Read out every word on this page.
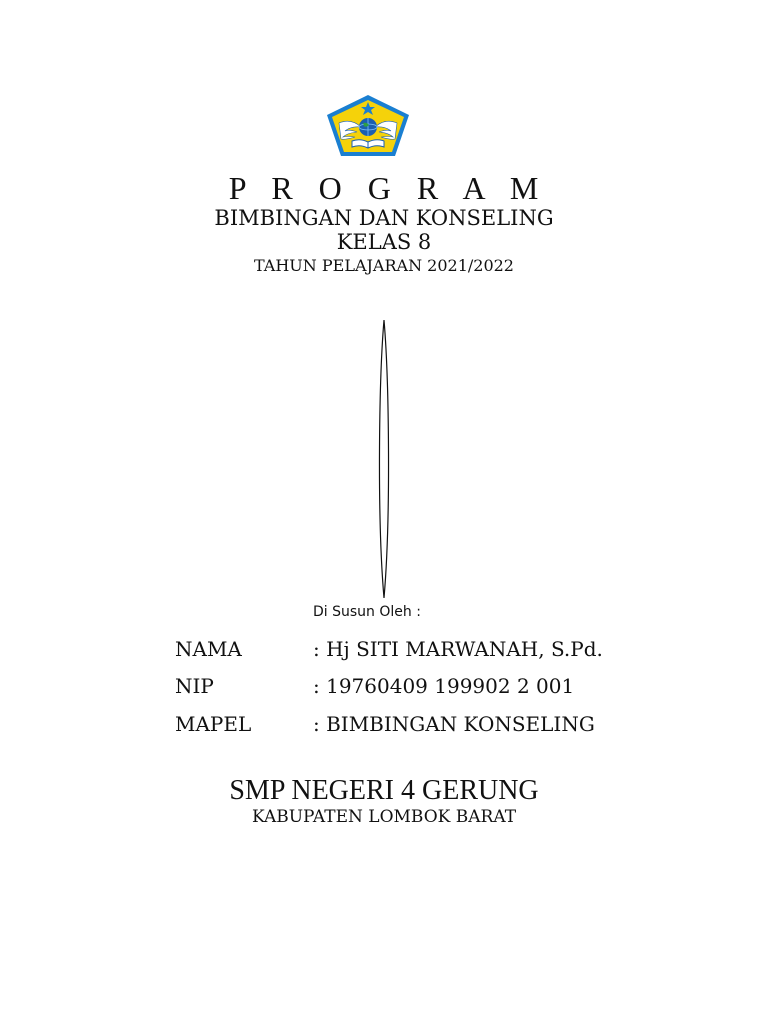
P R O G R A M
BIMBINGAN DAN KONSELING
KELAS 8
TAHUN PELAJARAN 2021/2022
Di Susun Oleh :
NAMA	: Hj SITI MARWANAH, S.Pd.
NIP	: 19760409 199902 2 001
MAPEL	: BIMBINGAN KONSELING
SMP NEGERI 4 GERUNG
KABUPATEN LOMBOK BARAT
